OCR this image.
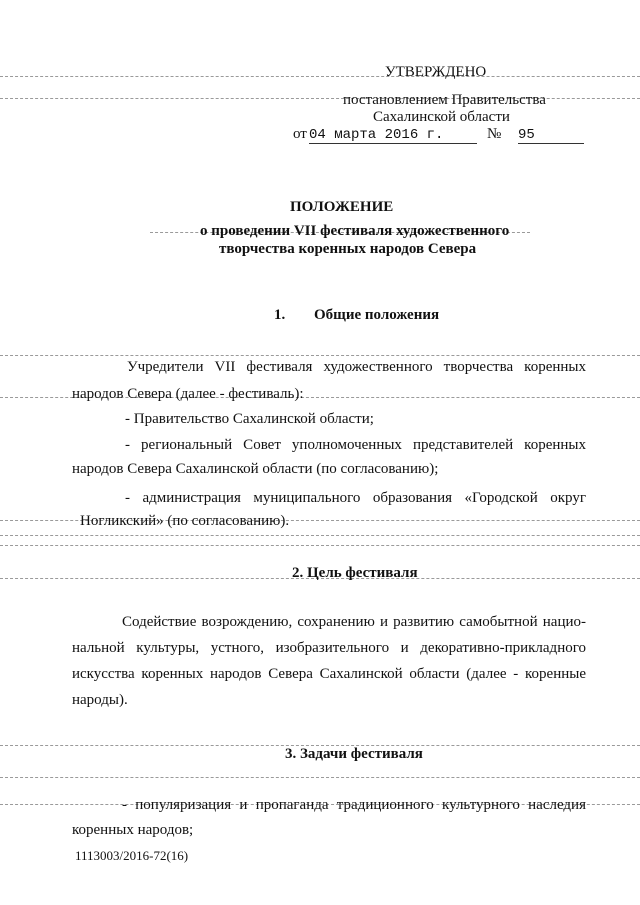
УТВЕРЖДЕНО
постановлением Правительства
Сахалинской области
от 04 марта 2016 г.	№ 95
ПОЛОЖЕНИЕ
о проведении VII фестиваля художественного
творчества коренных народов Севера
1. Общие положения
Учредители VII фестиваля художественного творчества коренных
народов Севера (далее - фестиваль):
- Правительство Сахалинской области;
- региональный Совет уполномоченных представителей коренных
народов Севера Сахалинской области (по согласованию);
- администрация муниципального образования «Городской округ
Ногликский» (по согласованию).
2. Цель фестиваля
Содействие возрождению, сохранению и развитию самобытной нацио-
нальной культуры, устного, изобразительного и декоративно-прикладного
искусства коренных народов Севера Сахалинской области (далее - коренные
народы).
3. Задачи фестиваля
- популяризация и пропаганда традиционного культурного наследия
коренных народов;
1113003/2016-72(16)
